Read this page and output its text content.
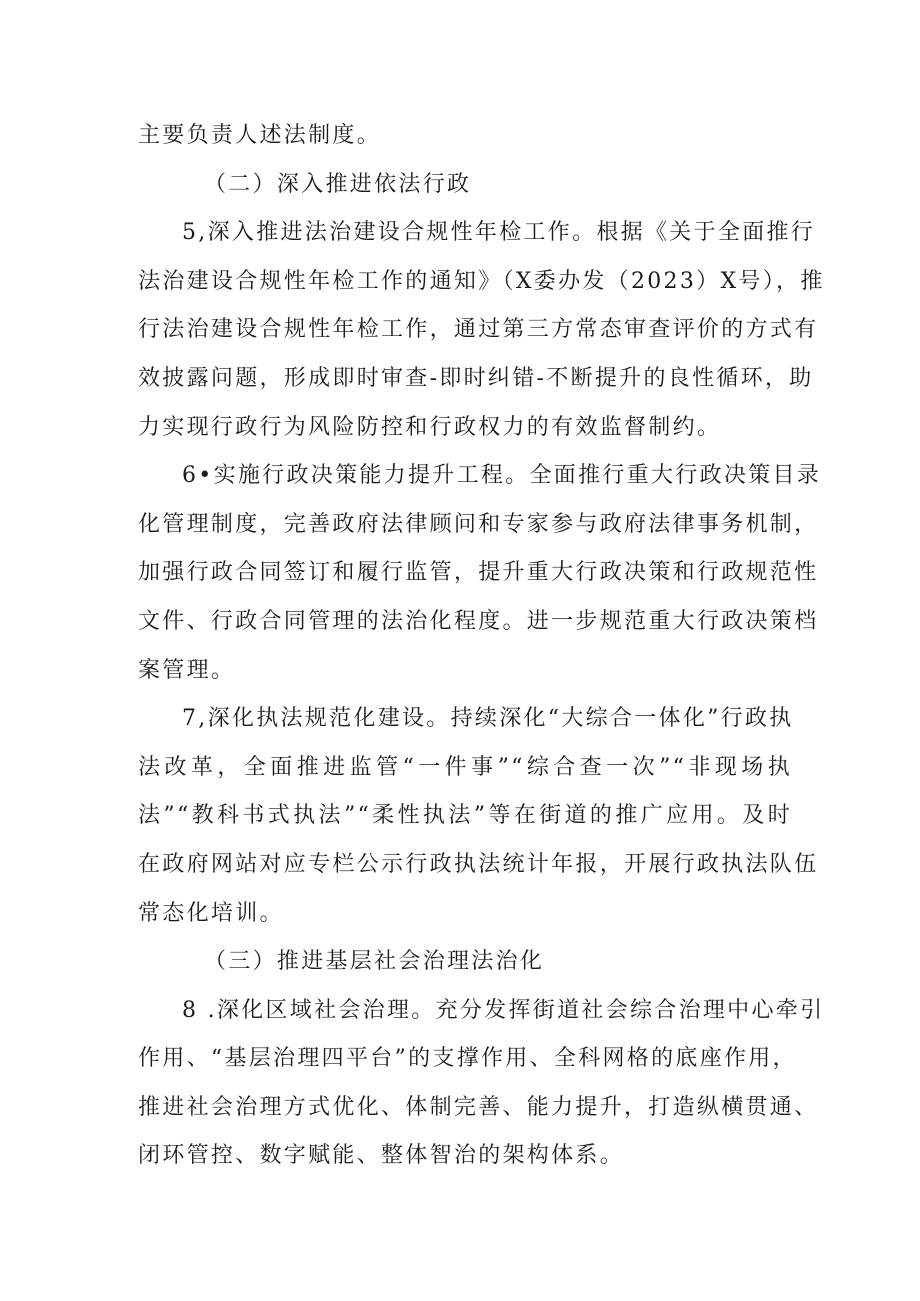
主要负责人述法制度。
（二）深入推进依法行政
5,深入推进法治建设合规性年检工作。根据《关于全面推行
法治建设合规性年检工作的通知》（X委办发（2023）X号），推
行法治建设合规性年检工作，通过第三方常态审查评价的方式有
效披露问题，形成即时审查-即时纠错-不断提升的良性循环，助
力实现行政行为风险防控和行政权力的有效监督制约。
6•实施行政决策能力提升工程。全面推行重大行政决策目录
化管理制度，完善政府法律顾问和专家参与政府法律事务机制，
加强行政合同签订和履行监管，提升重大行政决策和行政规范性
文件、行政合同管理的法治化程度。进一步规范重大行政决策档
案管理。
7,深化执法规范化建设。持续深化“大综合一体化”行政执
法改革，全面推进监管“一件事”“综合查一次”“非现场执
法”“教科书式执法”“柔性执法”等在街道的推广应用。及时
在政府网站对应专栏公示行政执法统计年报，开展行政执法队伍
常态化培训。
（三）推进基层社会治理法治化
8 .深化区域社会治理。充分发挥街道社会综合治理中心牵引
作用、“基层治理四平台”的支撑作用、全科网格的底座作用，
推进社会治理方式优化、体制完善、能力提升，打造纵横贯通、
闭环管控、数字赋能、整体智治的架构体系。
